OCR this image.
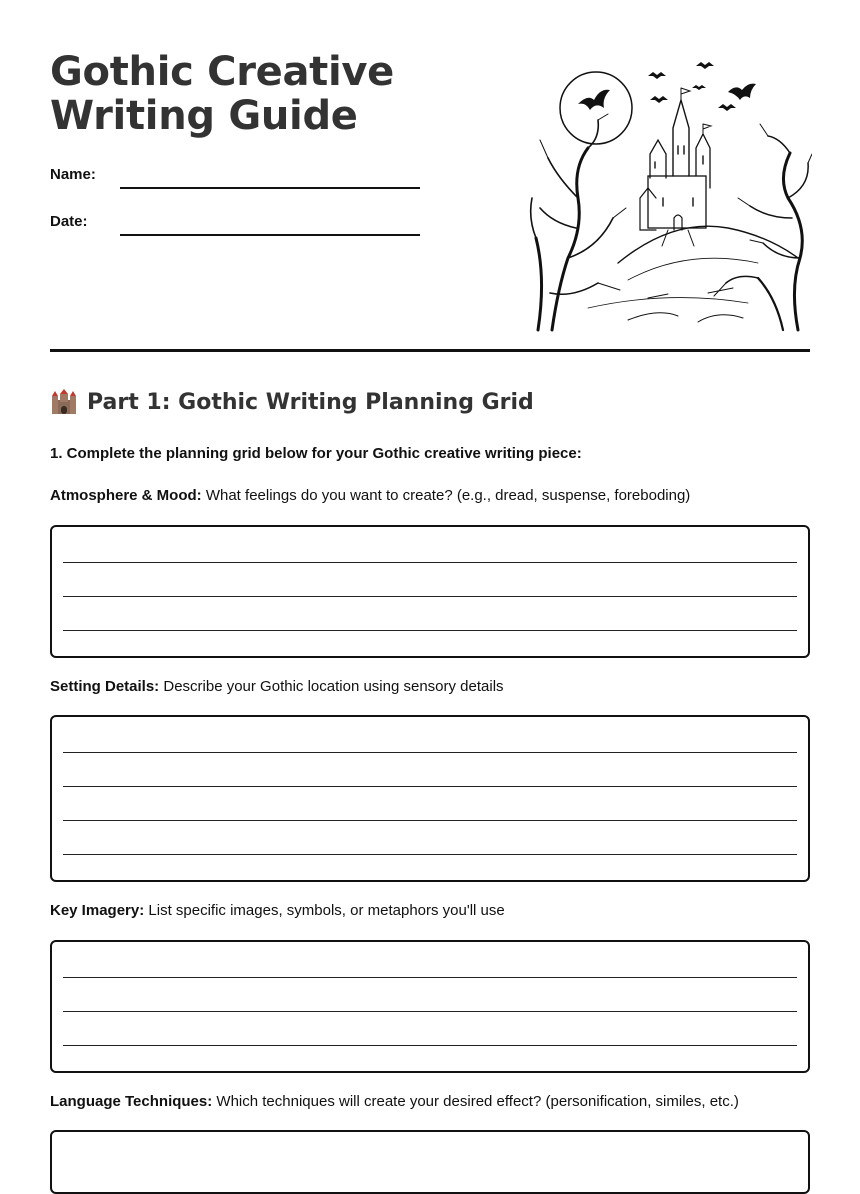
Gothic Creative Writing Guide
Name:
Date:
Part 1: Gothic Writing Planning Grid
1. Complete the planning grid below for your Gothic creative writing piece:
Atmosphere & Mood: What feelings do you want to create? (e.g., dread, suspense, foreboding)
Setting Details: Describe your Gothic location using sensory details
Key Imagery: List specific images, symbols, or metaphors you'll use
Language Techniques: Which techniques will create your desired effect? (personification, similes, etc.)
